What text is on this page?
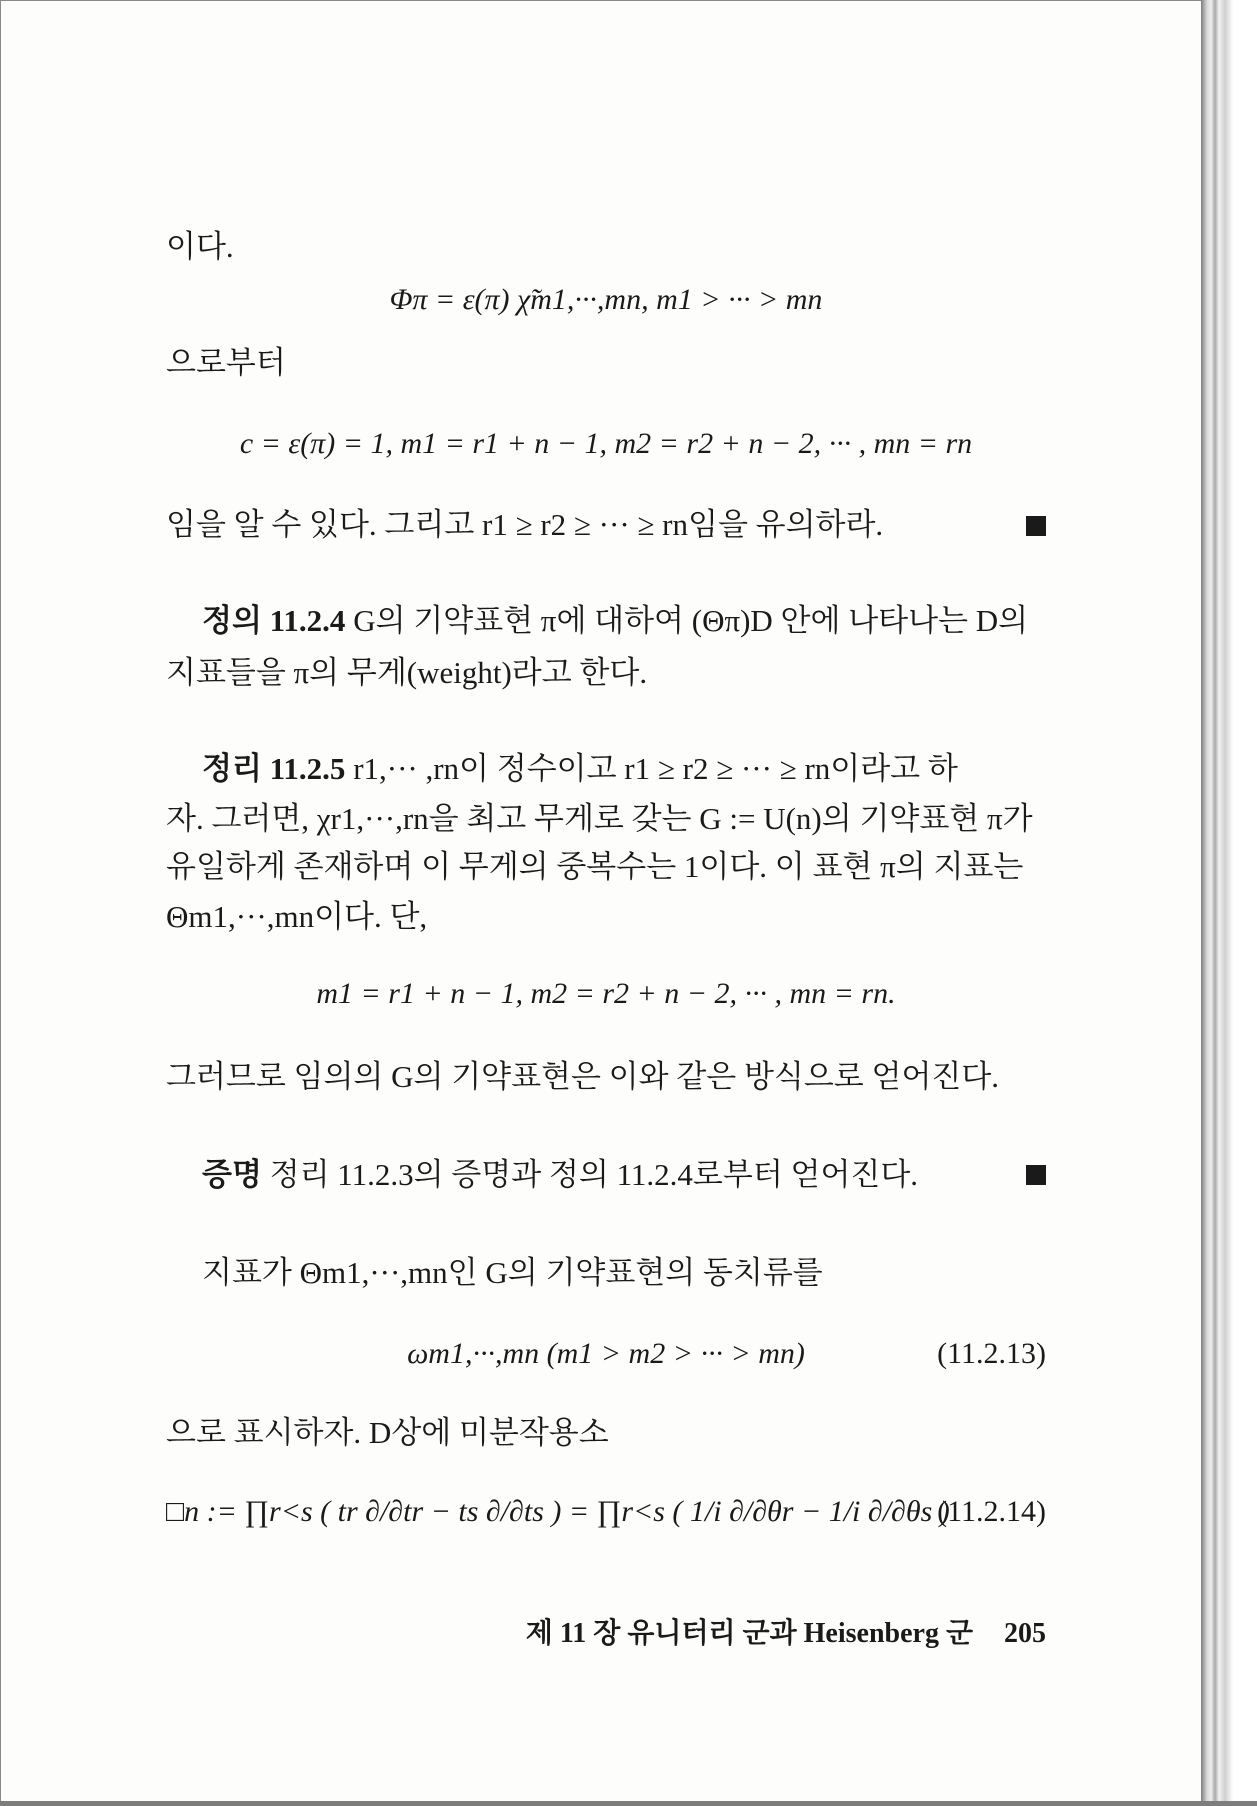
이다.
Φπ = ε(π) χ̃m1,···,mn, m1 > ··· > mn
으로부터
c = ε(π) = 1, m1 = r1 + n − 1, m2 = r2 + n − 2, ··· , mn = rn
임을 알 수 있다. 그리고 r1 ≥ r2 ≥ ··· ≥ rn임을 유의하라.
정의 11.2.4 G의 기약표현 π에 대하여 (Θπ)D 안에 나타나는 D의
지표들을 π의 무게(weight)라고 한다.
정리 11.2.5 r1,··· ,rn이 정수이고 r1 ≥ r2 ≥ ··· ≥ rn이라고 하
자. 그러면, χr1,···,rn을 최고 무게로 갖는 G := U(n)의 기약표현 π가
유일하게 존재하며 이 무게의 중복수는 1이다. 이 표현 π의 지표는
Θm1,···,mn이다. 단,
m1 = r1 + n − 1, m2 = r2 + n − 2, ··· , mn = rn.
그러므로 임의의 G의 기약표현은 이와 같은 방식으로 얻어진다.
증명 정리 11.2.3의 증명과 정의 11.2.4로부터 얻어진다.
지표가 Θm1,···,mn인 G의 기약표현의 동치류를
ωm1,···,mn (m1 > m2 > ··· > mn)	(11.2.13)
으로 표시하자. D상에 미분작용소
□n := ∏r<s ( tr ∂/∂tr − ts ∂/∂ts ) = ∏r<s ( 1/i ∂/∂θr − 1/i ∂/∂θs )
(11.2.14)
제 11 장 유니터리 군과 Heisenberg 군 205
